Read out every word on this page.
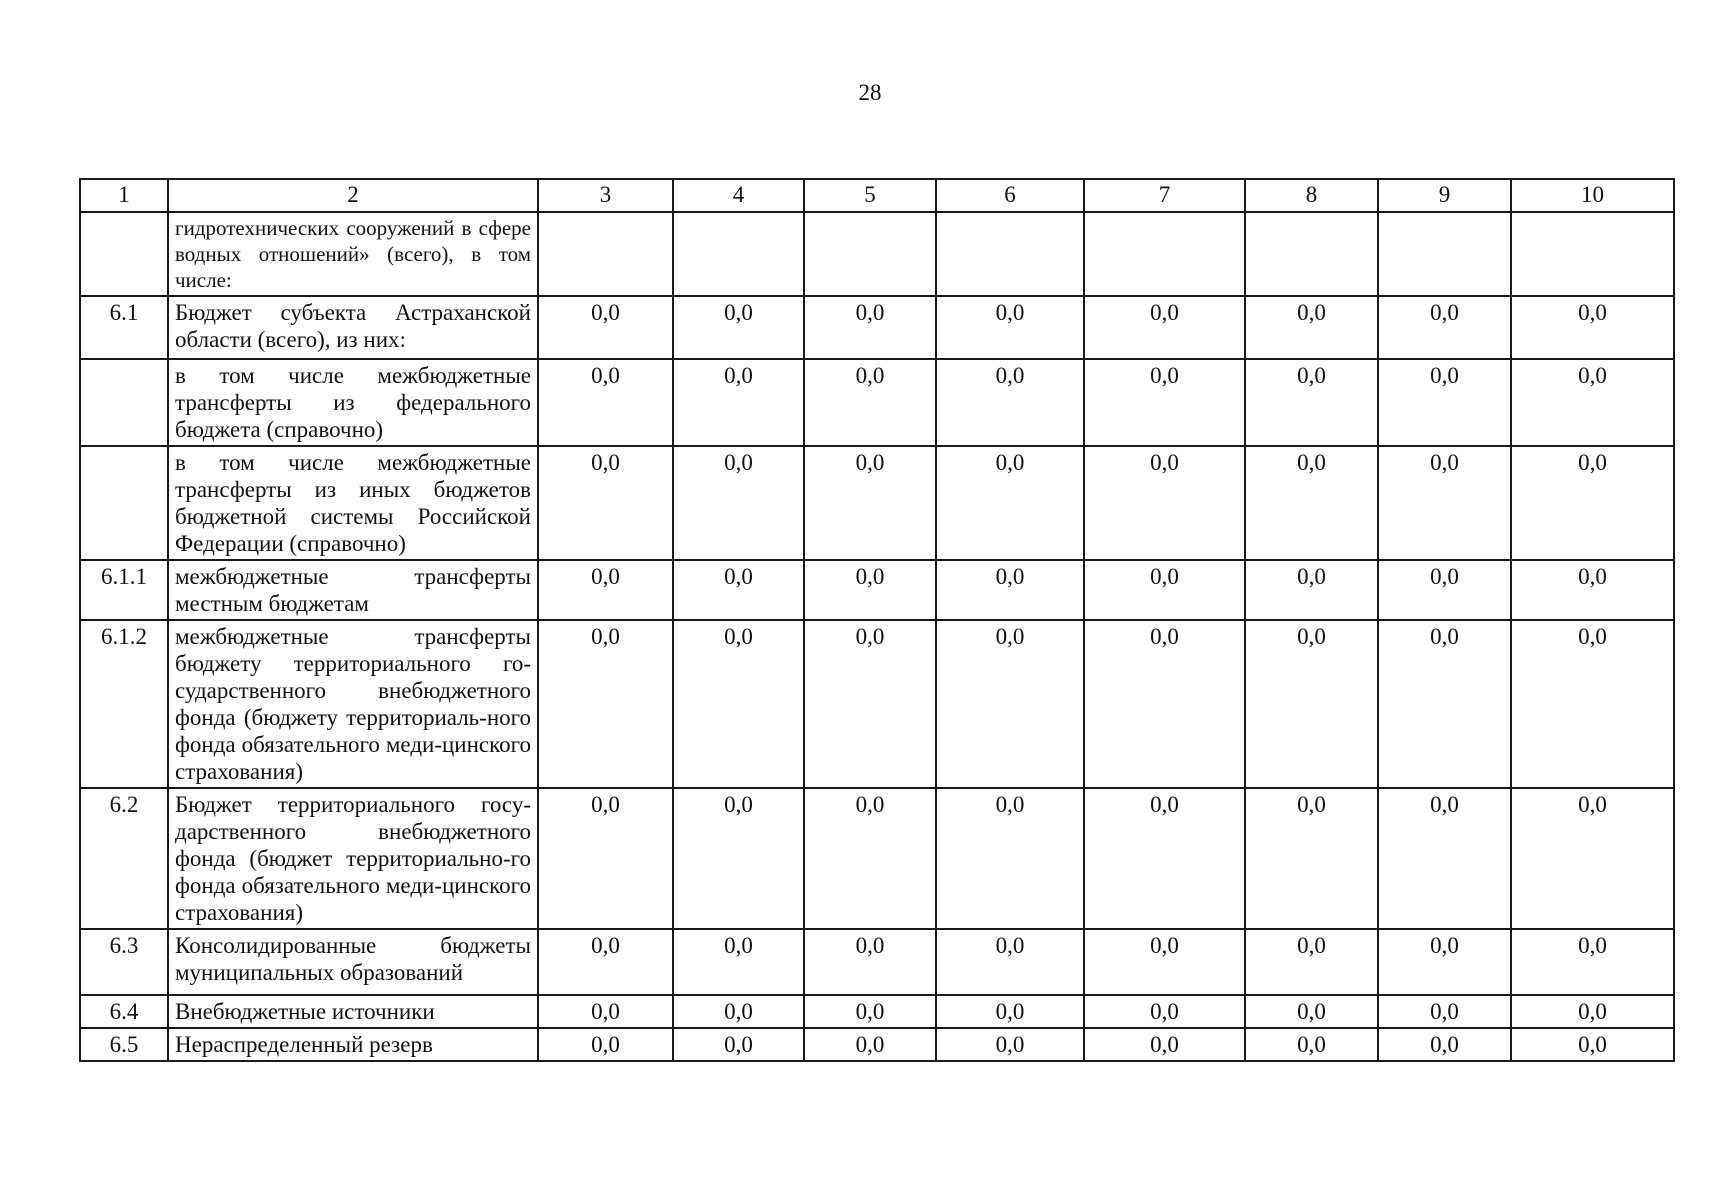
28
1	2	3	4	5	6	7	8	9	10
	гидротехнических сооружений в сфере водных отношений» (всего), в том числе:								
6.1	Бюджет субъекта Астраханской области (всего), из них:	0,0	0,0	0,0	0,0	0,0	0,0	0,0	0,0
	в том числе межбюджетные трансферты из федерального бюджета (справочно)	0,0	0,0	0,0	0,0	0,0	0,0	0,0	0,0
	в том числе межбюджетные трансферты из иных бюджетов бюджетной системы Российской Федерации (справочно)	0,0	0,0	0,0	0,0	0,0	0,0	0,0	0,0
6.1.1	межбюджетные трансферты местным бюджетам	0,0	0,0	0,0	0,0	0,0	0,0	0,0	0,0
6.1.2	межбюджетные трансферты бюджету территориального го-сударственного внебюджетного фонда (бюджету территориаль-ного фонда обязательного меди-цинского страхования)	0,0	0,0	0,0	0,0	0,0	0,0	0,0	0,0
6.2	Бюджет территориального госу-дарственного внебюджетного фонда (бюджет территориально-го фонда обязательного меди-цинского страхования)	0,0	0,0	0,0	0,0	0,0	0,0	0,0	0,0
6.3	Консолидированные бюджеты муниципальных образований	0,0	0,0	0,0	0,0	0,0	0,0	0,0	0,0
6.4	Внебюджетные источники	0,0	0,0	0,0	0,0	0,0	0,0	0,0	0,0
6.5	Нераспределенный резерв	0,0	0,0	0,0	0,0	0,0	0,0	0,0	0,0
